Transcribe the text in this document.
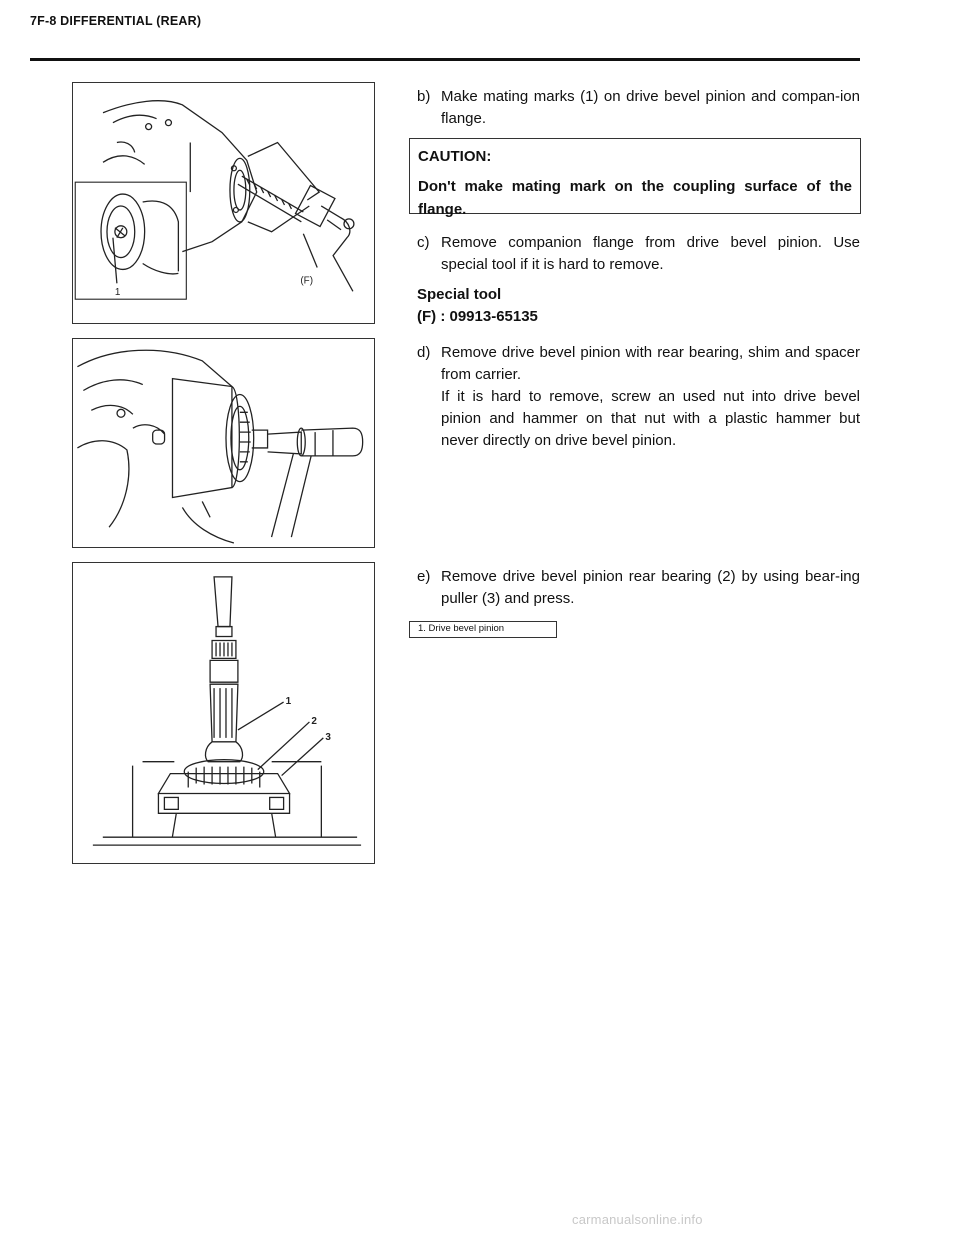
7F-8 DIFFERENTIAL (REAR)
(F)
1
1
2
3
b) Make mating marks (1) on drive bevel pinion and compan-ion flange.
CAUTION:
Don't make mating mark on the coupling surface of the flange.
c) Remove companion flange from drive bevel pinion. Use special tool if it is hard to remove.
Special tool
(F) : 09913-65135
d) Remove drive bevel pinion with rear bearing, shim and spacer from carrier.
If it is hard to remove, screw an used nut into drive bevel pinion and hammer on that nut with a plastic hammer but never directly on drive bevel pinion.
e) Remove drive bevel pinion rear bearing (2) by using bear-ing puller (3) and press.
1. Drive bevel pinion
carmanualsonline.info
